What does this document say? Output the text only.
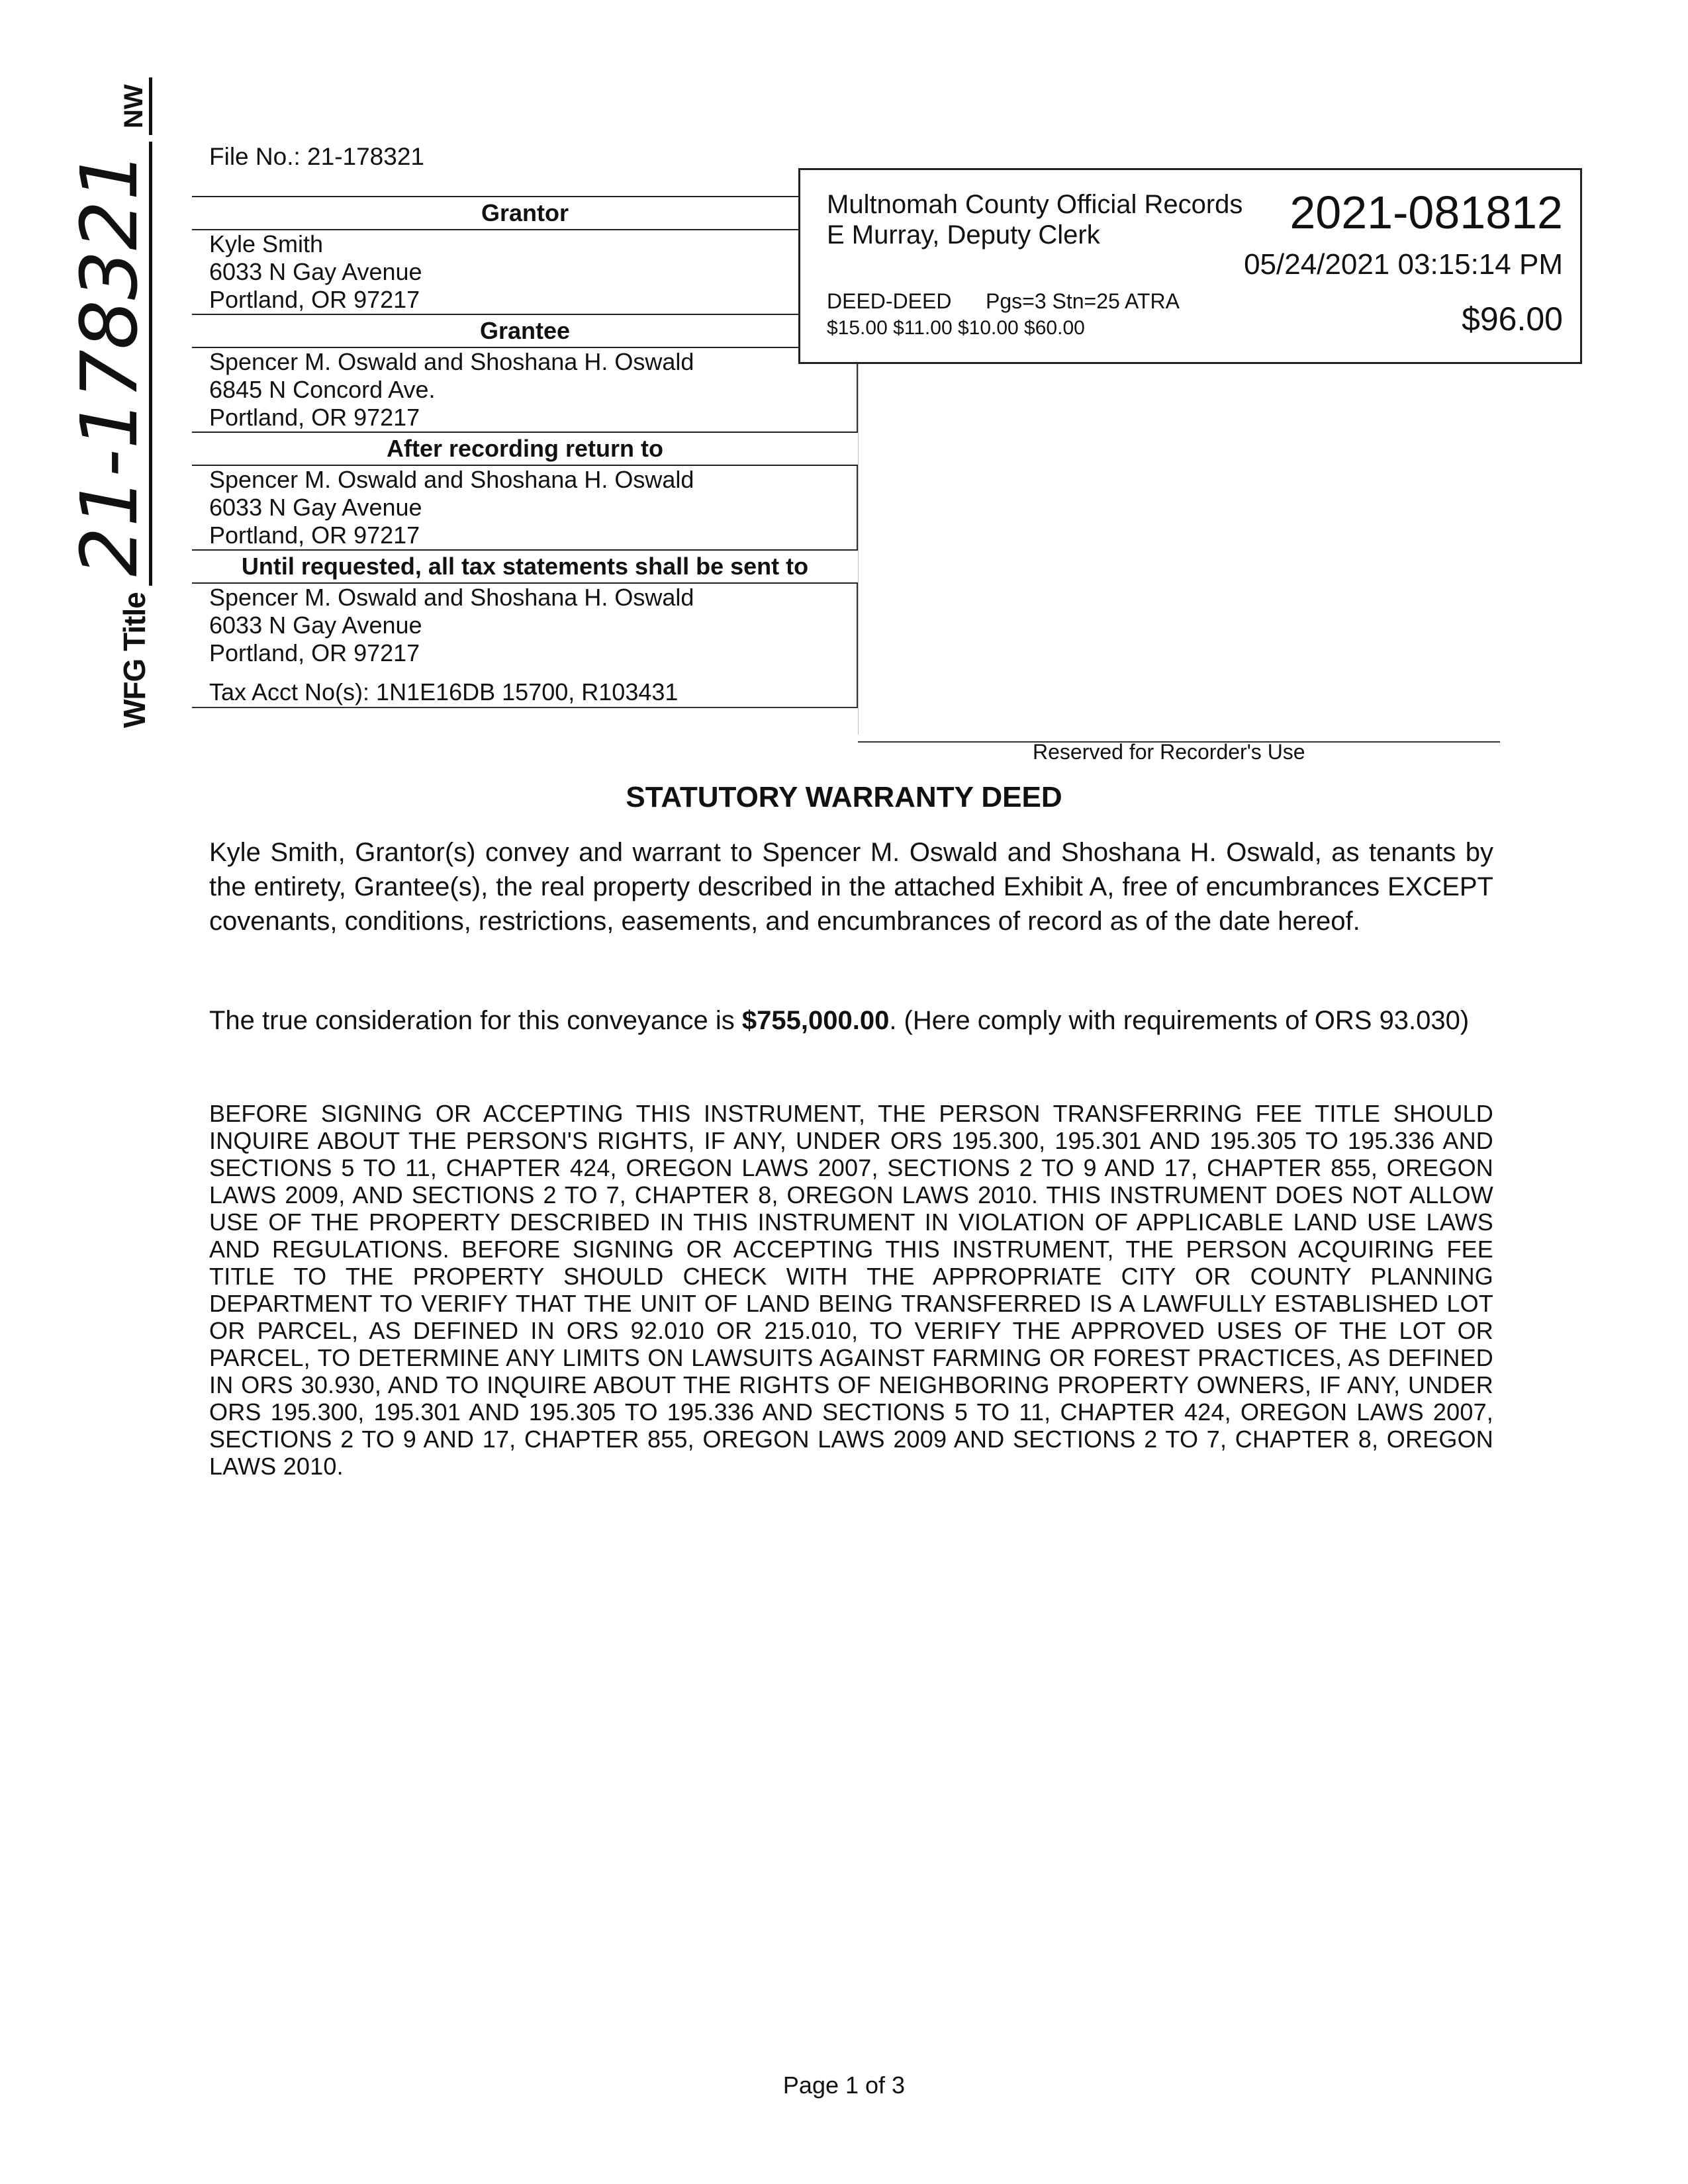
WFG Title
21-178321
NW
File No.: 21-178321
Grantor
Kyle Smith
6033 N Gay Avenue
Portland, OR 97217
Grantee
Spencer M. Oswald and Shoshana H. Oswald
6845 N Concord Ave.
Portland, OR 97217
After recording return to
Spencer M. Oswald and Shoshana H. Oswald
6033 N Gay Avenue
Portland, OR 97217
Until requested, all tax statements shall be sent to
Spencer M. Oswald and Shoshana H. Oswald
6033 N Gay Avenue
Portland, OR 97217
Tax Acct No(s): 1N1E16DB 15700, R103431
Multnomah County Official Records
E Murray, Deputy Clerk	2021-081812
05/24/2021 03:15:14 PM
DEED-DEED Pgs=3 Stn=25 ATRA
$15.00 $11.00 $10.00 $60.00	$96.00
Reserved for Recorder's Use
STATUTORY WARRANTY DEED
Kyle Smith, Grantor(s) convey and warrant to Spencer M. Oswald and Shoshana H. Oswald, as tenants by the entirety, Grantee(s), the real property described in the attached Exhibit A, free of encumbrances EXCEPT covenants, conditions, restrictions, easements, and encumbrances of record as of the date hereof.
The true consideration for this conveyance is $755,000.00. (Here comply with requirements of ORS 93.030)
BEFORE SIGNING OR ACCEPTING THIS INSTRUMENT, THE PERSON TRANSFERRING FEE TITLE SHOULD INQUIRE ABOUT THE PERSON'S RIGHTS, IF ANY, UNDER ORS 195.300, 195.301 AND 195.305 TO 195.336 AND SECTIONS 5 TO 11, CHAPTER 424, OREGON LAWS 2007, SECTIONS 2 TO 9 AND 17, CHAPTER 855, OREGON LAWS 2009, AND SECTIONS 2 TO 7, CHAPTER 8, OREGON LAWS 2010. THIS INSTRUMENT DOES NOT ALLOW USE OF THE PROPERTY DESCRIBED IN THIS INSTRUMENT IN VIOLATION OF APPLICABLE LAND USE LAWS AND REGULATIONS. BEFORE SIGNING OR ACCEPTING THIS INSTRUMENT, THE PERSON ACQUIRING FEE TITLE TO THE PROPERTY SHOULD CHECK WITH THE APPROPRIATE CITY OR COUNTY PLANNING DEPARTMENT TO VERIFY THAT THE UNIT OF LAND BEING TRANSFERRED IS A LAWFULLY ESTABLISHED LOT OR PARCEL, AS DEFINED IN ORS 92.010 OR 215.010, TO VERIFY THE APPROVED USES OF THE LOT OR PARCEL, TO DETERMINE ANY LIMITS ON LAWSUITS AGAINST FARMING OR FOREST PRACTICES, AS DEFINED IN ORS 30.930, AND TO INQUIRE ABOUT THE RIGHTS OF NEIGHBORING PROPERTY OWNERS, IF ANY, UNDER ORS 195.300, 195.301 AND 195.305 TO 195.336 AND SECTIONS 5 TO 11, CHAPTER 424, OREGON LAWS 2007, SECTIONS 2 TO 9 AND 17, CHAPTER 855, OREGON LAWS 2009 AND SECTIONS 2 TO 7, CHAPTER 8, OREGON LAWS 2010.
Page 1 of 3
